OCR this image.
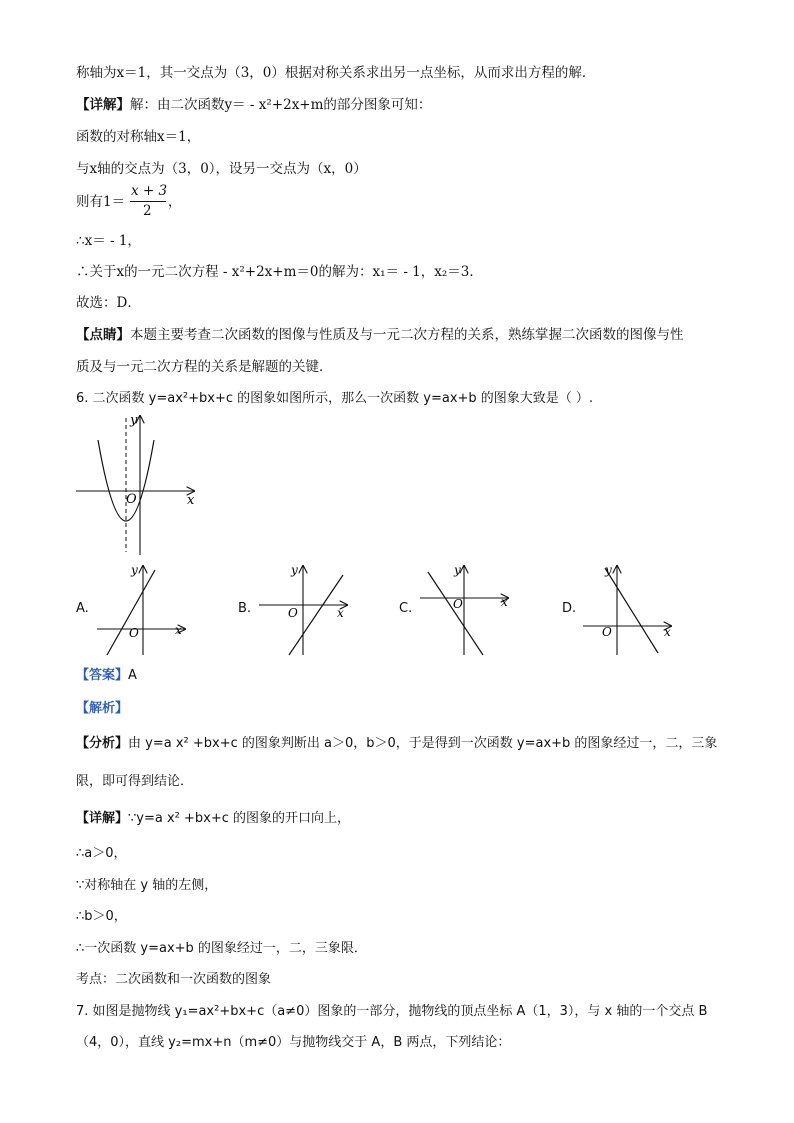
称轴为x＝1，其一交点为（3，0）根据对称关系求出另一点坐标，从而求出方程的解．
【详解】解：由二次函数y＝ - x²+2x+m的部分图象可知：
函数的对称轴x＝1，
与x轴的交点为（3，0），设另一交点为（x，0）
则有1＝
x + 3
2
，
∴x＝ - 1，
∴关于x的一元二次方程 - x²+2x+m＝0的解为：x₁＝ - 1，x₂＝3．
故选：D．
【点睛】本题主要考查二次函数的图像与性质及与一元二次方程的关系，熟练掌握二次函数的图像与性
质及与一元二次方程的关系是解题的关键．
6. 二次函数 y=ax²+bx+c 的图象如图所示，那么一次函数 y=ax+b 的图象大致是（ ）.
x
y
O
A.
x
y
O
B.	x
y
O	C.	x
y
O	D.
x
y
O
【答案】A
【解析】
【分析】由 y=a x² +bx+c 的图象判断出 a＞0，b＞0，于是得到一次函数 y=ax+b 的图象经过一，二，三象
限，即可得到结论．
【详解】∵y=a x² +bx+c 的图象的开口向上，
∴a＞0，
∵对称轴在 y 轴的左侧，
∴b＞0，
∴一次函数 y=ax+b 的图象经过一，二，三象限．
考点：二次函数和一次函数的图象
7. 如图是抛物线 y₁=ax²+bx+c（a≠0）图象的一部分，抛物线的顶点坐标 A（1，3），与 x 轴的一个交点 B
（4，0），直线 y₂=mx+n（m≠0）与抛物线交于 A，B 两点，下列结论：
